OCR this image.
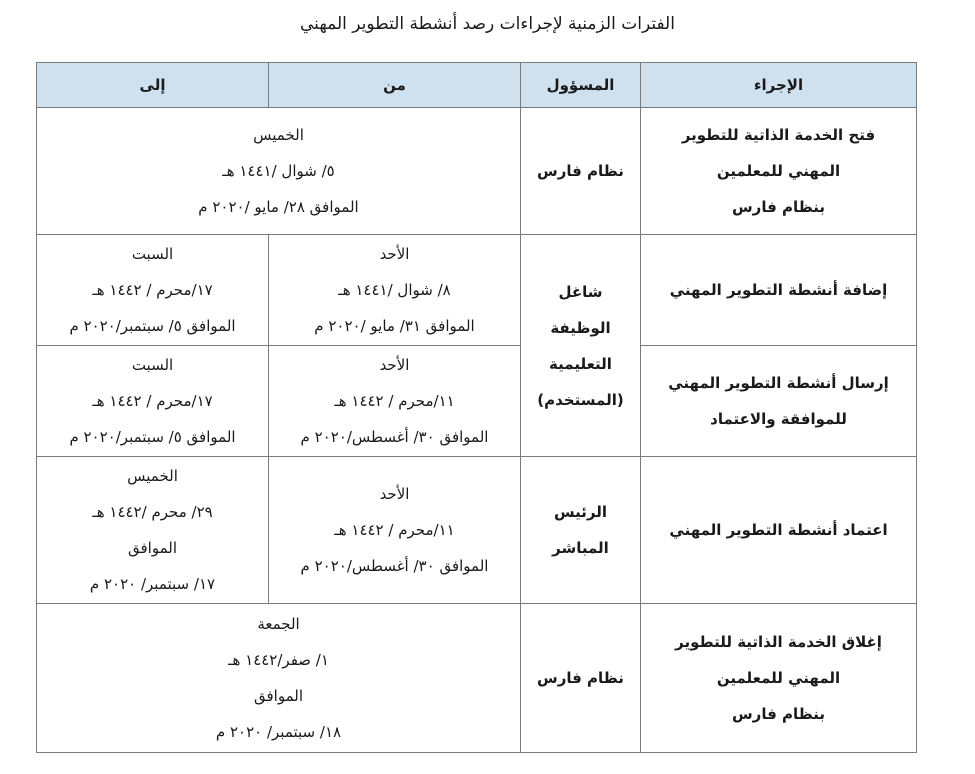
الفترات الزمنية لإجراءات رصد أنشطة التطوير المهني
الإجراء	المسؤول	من	إلى

فتح الخدمة الذاتية للتطوير
المهني للمعلمين
بنظام فارس	نظام فارس	الخميس
٥/ شوال /١٤٤١ هـ
الموافق ٢٨/ مايو /٢٠٢٠ م	

إضافة أنشطة التطوير المهني	شاغل
الوظيفة
التعليمية
(المستخدم)	الأحد
٨/ شوال /١٤٤١ هـ
الموافق ٣١/ مايو /٢٠٢٠ م	السبت
١٧/محرم / ١٤٤٢ هـ
الموافق ٥/ سبتمبر/٢٠٢٠ م

إرسال أنشطة التطوير المهني
للموافقة والاعتماد		الأحد
١١/محرم / ١٤٤٢ هـ
الموافق ٣٠/ أغسطس/٢٠٢٠ م	السبت
١٧/محرم / ١٤٤٢ هـ
الموافق ٥/ سبتمبر/٢٠٢٠ م

اعتماد أنشطة التطوير المهني	الرئيس
المباشر	الأحد
١١/محرم / ١٤٤٢ هـ
الموافق ٣٠/ أغسطس/٢٠٢٠ م	الخميس
٢٩/ محرم /١٤٤٢ هـ
الموافق
١٧/ سبتمبر/ ٢٠٢٠ م

إغلاق الخدمة الذاتية للتطوير
المهني للمعلمين
بنظام فارس	نظام فارس	الجمعة
١/ صفر/١٤٤٢ هـ
الموافق
١٨/ سبتمبر/ ٢٠٢٠ م	
